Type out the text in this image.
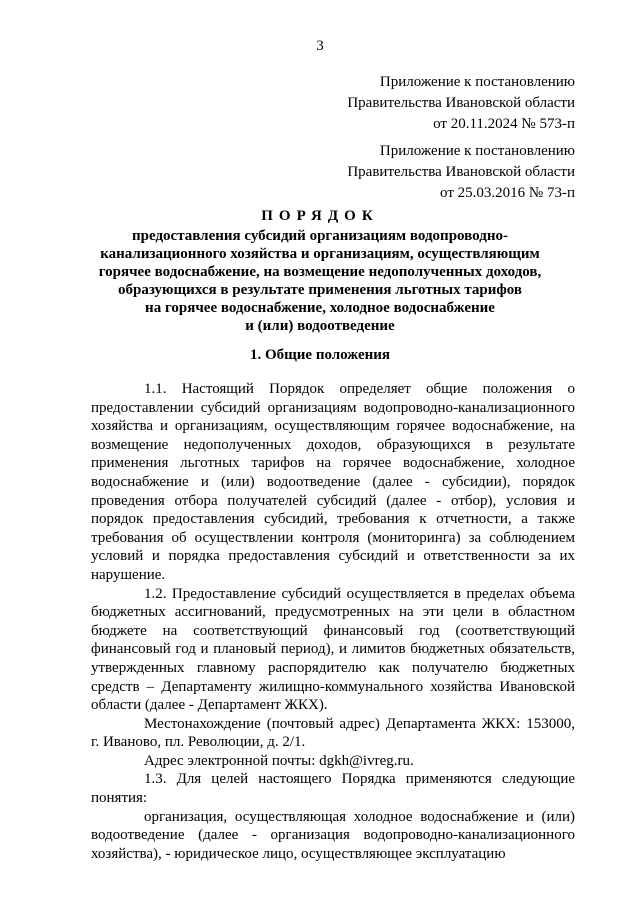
3
Приложение к постановлению
Правительства Ивановской области
от 20.11.2024 № 573-п
Приложение к постановлению
Правительства Ивановской области
от 25.03.2016 № 73-п
ПОРЯДОК
предоставления субсидий организациям водопроводно-
канализационного хозяйства и организациям, осуществляющим
горячее водоснабжение, на возмещение недополученных доходов,
образующихся в результате применения льготных тарифов
на горячее водоснабжение, холодное водоснабжение
и (или) водоотведение
1. Общие положения

1.1. Настоящий Порядок определяет общие положения о предоставлении субсидий организациям водопроводно-канализационного хозяйства и организациям, осуществляющим горячее водоснабжение, на возмещение недополученных доходов, образующихся в результате применения льготных тарифов на горячее водоснабжение, холодное водоснабжение и (или) водоотведение (далее - субсидии), порядок проведения отбора получателей субсидий (далее - отбор), условия и порядок предоставления субсидий, требования к отчетности, а также требования об осуществлении контроля (мониторинга) за соблюдением условий и порядка предоставления субсидий и ответственности за их нарушение.

1.2. Предоставление субсидий осуществляется в пределах объема бюджетных ассигнований, предусмотренных на эти цели в областном бюджете на соответствующий финансовый год (соответствующий финансовый год и плановый период), и лимитов бюджетных обязательств, утвержденных главному распорядителю как получателю бюджетных средств – Департаменту жилищно-коммунального хозяйства Ивановской области (далее - Департамент ЖКХ).

Местонахождение (почтовый адрес) Департамента ЖКХ: 153000, г. Иваново, пл. Революции, д. 2/1.

Адрес электронной почты: dgkh@ivreg.ru.

1.3. Для целей настоящего Порядка применяются следующие понятия:

организация, осуществляющая холодное водоснабжение и (или) водоотведение (далее - организация водопроводно-канализационного хозяйства), - юридическое лицо, осуществляющее эксплуатацию
